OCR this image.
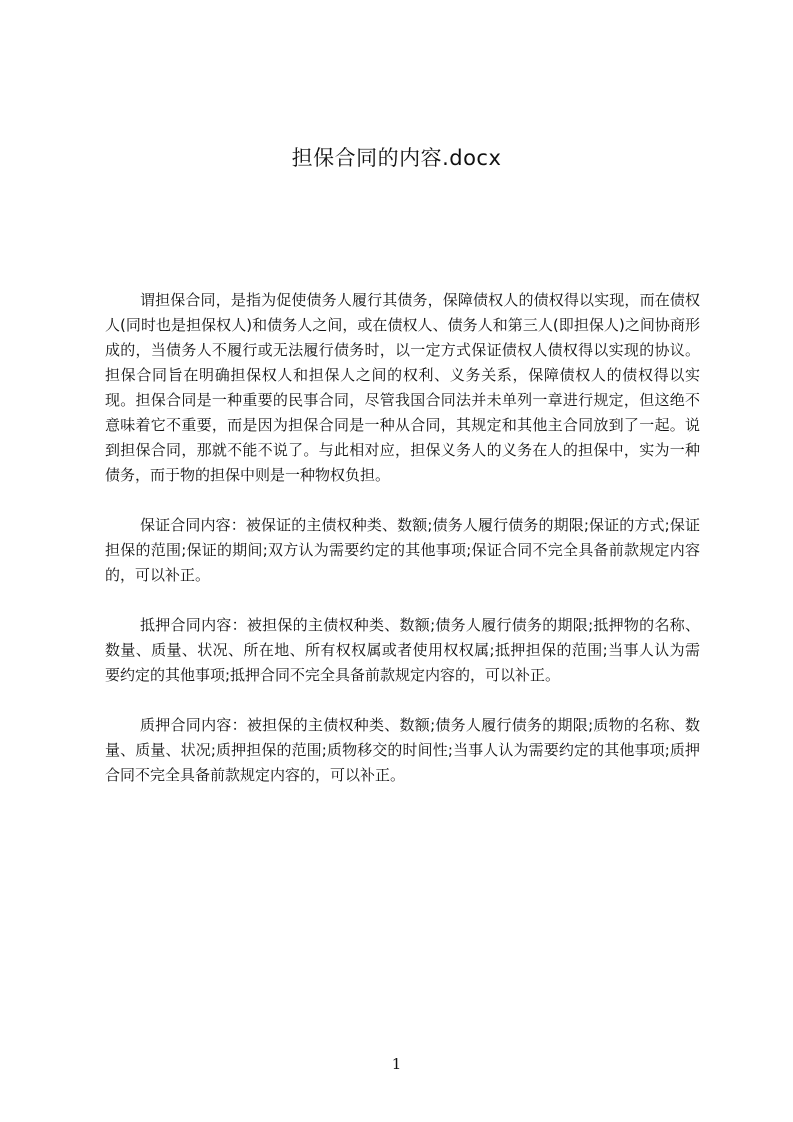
担保合同的内容.docx

谓担保合同，是指为促使债务人履行其债务，保障债权人的债权得以实现，而在债权人(同时也是担保权人)和债务人之间，或在债权人、债务人和第三人(即担保人)之间协商形成的，当债务人不履行或无法履行债务时，以一定方式保证债权人债权得以实现的协议。担保合同旨在明确担保权人和担保人之间的权利、义务关系，保障债权人的债权得以实现。担保合同是一种重要的民事合同，尽管我国合同法并未单列一章进行规定，但这绝不意味着它不重要，而是因为担保合同是一种从合同，其规定和其他主合同放到了一起。说到担保合同，那就不能不说了。与此相对应，担保义务人的义务在人的担保中，实为一种债务，而于物的担保中则是一种物权负担。

保证合同内容：被保证的主债权种类、数额;债务人履行债务的期限;保证的方式;保证担保的范围;保证的期间;双方认为需要约定的其他事项;保证合同不完全具备前款规定内容的，可以补正。

抵押合同内容：被担保的主债权种类、数额;债务人履行债务的期限;抵押物的名称、数量、质量、状况、所在地、所有权权属或者使用权权属;抵押担保的范围;当事人认为需要约定的其他事项;抵押合同不完全具备前款规定内容的，可以补正。

质押合同内容：被担保的主债权种类、数额;债务人履行债务的期限;质物的名称、数量、质量、状况;质押担保的范围;质物移交的时间性;当事人认为需要约定的其他事项;质押合同不完全具备前款规定内容的，可以补正。

1
